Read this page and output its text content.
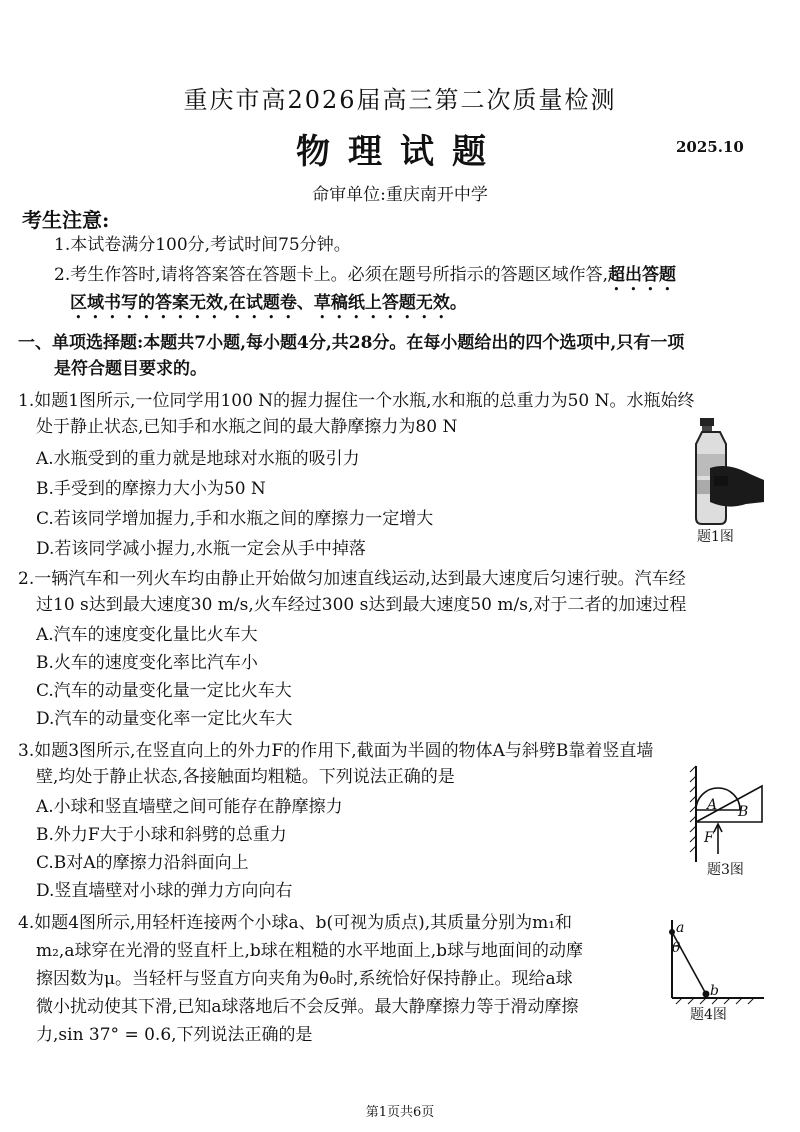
重庆市高2026届高三第二次质量检测
物理试题	2025.10
命审单位:重庆南开中学
考生注意:
1.本试卷满分100分,考试时间75分钟。
2.考生作答时,请将答案答在答题卡上。必须在题号所指示的答题区域作答,超出答题
区域书写的答案无效,在试题卷、草稿纸上答题无效。
一、单项选择题:本题共7小题,每小题4分,共28分。在每小题给出的四个选项中,只有一项
是符合题目要求的。
1.如题1图所示,一位同学用100 N的握力握住一个水瓶,水和瓶的总重力为50 N。水瓶始终
处于静止状态,已知手和水瓶之间的最大静摩擦力为80 N
A.水瓶受到的重力就是地球对水瓶的吸引力
B.手受到的摩擦力大小为50 N
C.若该同学增加握力,手和水瓶之间的摩擦力一定增大
D.若该同学减小握力,水瓶一定会从手中掉落
题1图
2.一辆汽车和一列火车均由静止开始做匀加速直线运动,达到最大速度后匀速行驶。汽车经
过10 s达到最大速度30 m/s,火车经过300 s达到最大速度50 m/s,对于二者的加速过程
A.汽车的速度变化量比火车大
B.火车的速度变化率比汽车小
C.汽车的动量变化量一定比火车大
D.汽车的动量变化率一定比火车大
3.如题3图所示,在竖直向上的外力F的作用下,截面为半圆的物体A与斜劈B靠着竖直墙
壁,均处于静止状态,各接触面均粗糙。下列说法正确的是
A.小球和竖直墙壁之间可能存在静摩擦力
B.外力F大于小球和斜劈的总重力
C.B对A的摩擦力沿斜面向上
D.竖直墙壁对小球的弹力方向向右
A B
F
题3图
4.如题4图所示,用轻杆连接两个小球a、b(可视为质点),其质量分别为m₁和
m₂,a球穿在光滑的竖直杆上,b球在粗糙的水平地面上,b球与地面间的动摩
擦因数为μ。当轻杆与竖直方向夹角为θ₀时,系统恰好保持静止。现给a球
微小扰动使其下滑,已知a球落地后不会反弹。最大静摩擦力等于滑动摩擦
力,sin 37° = 0.6,下列说法正确的是
a
b
θ
题4图
第1页共6页
